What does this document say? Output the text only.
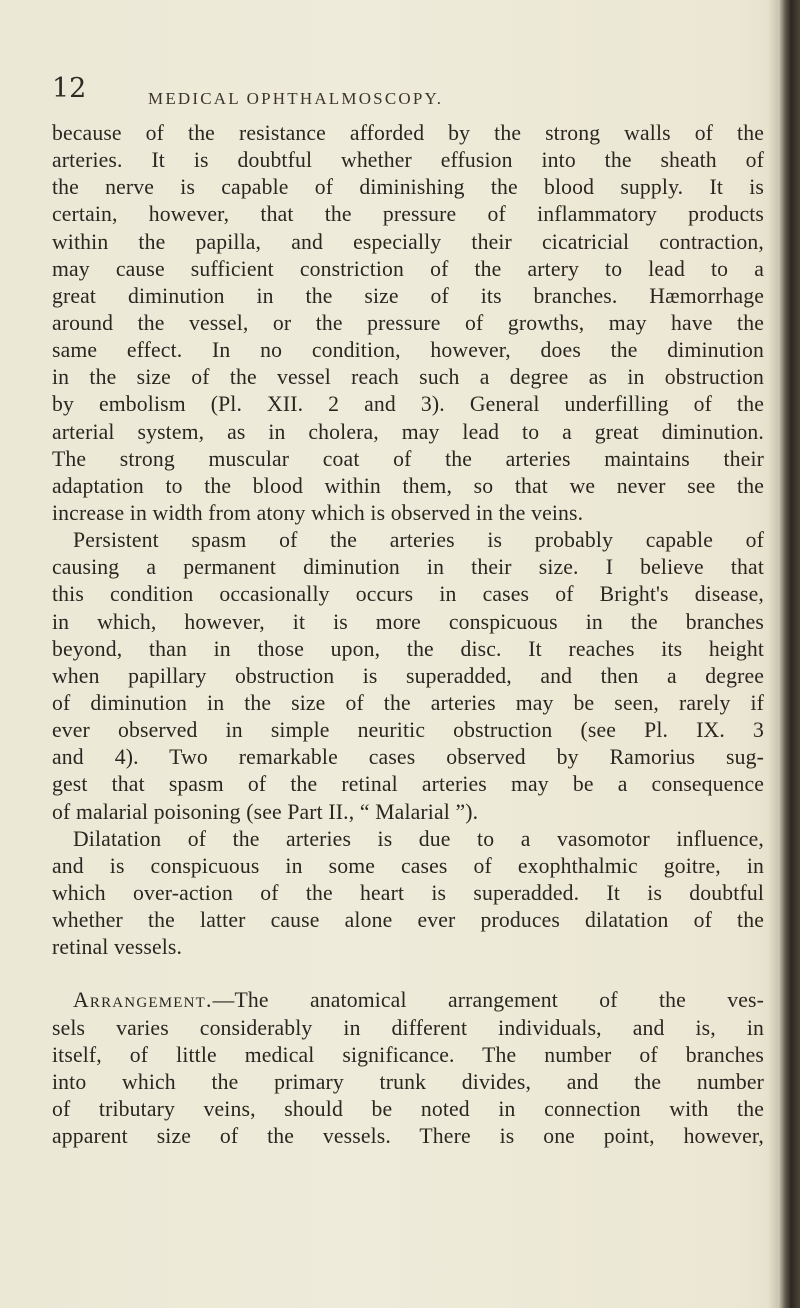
12	MEDICAL OPHTHALMOSCOPY.
because of the resistance afforded by the strong walls of the
arteries. It is doubtful whether effusion into the sheath of
the nerve is capable of diminishing the blood supply. It is
certain, however, that the pressure of inflammatory products
within the papilla, and especially their cicatricial contraction,
may cause sufficient constriction of the artery to lead to a
great diminution in the size of its branches. Hæmorrhage
around the vessel, or the pressure of growths, may have the
same effect. In no condition, however, does the diminution
in the size of the vessel reach such a degree as in obstruction
by embolism (Pl. XII. 2 and 3). General underfilling of the
arterial system, as in cholera, may lead to a great diminution.
The strong muscular coat of the arteries maintains their
adaptation to the blood within them, so that we never see the
increase in width from atony which is observed in the veins.
Persistent spasm of the arteries is probably capable of
causing a permanent diminution in their size. I believe that
this condition occasionally occurs in cases of Bright's disease,
in which, however, it is more conspicuous in the branches
beyond, than in those upon, the disc. It reaches its height
when papillary obstruction is superadded, and then a degree
of diminution in the size of the arteries may be seen, rarely if
ever observed in simple neuritic obstruction (see Pl. IX. 3
and 4). Two remarkable cases observed by Ramorius sug-
gest that spasm of the retinal arteries may be a consequence
of malarial poisoning (see Part II., “ Malarial ”).
Dilatation of the arteries is due to a vasomotor influence,
and is conspicuous in some cases of exophthalmic goitre, in
which over-action of the heart is superadded. It is doubtful
whether the latter cause alone ever produces dilatation of the
retinal vessels.
Arrangement.—The anatomical arrangement of the ves-
sels varies considerably in different individuals, and is, in
itself, of little medical significance. The number of branches
into which the primary trunk divides, and the number
of tributary veins, should be noted in connection with the
apparent size of the vessels. There is one point, however,
